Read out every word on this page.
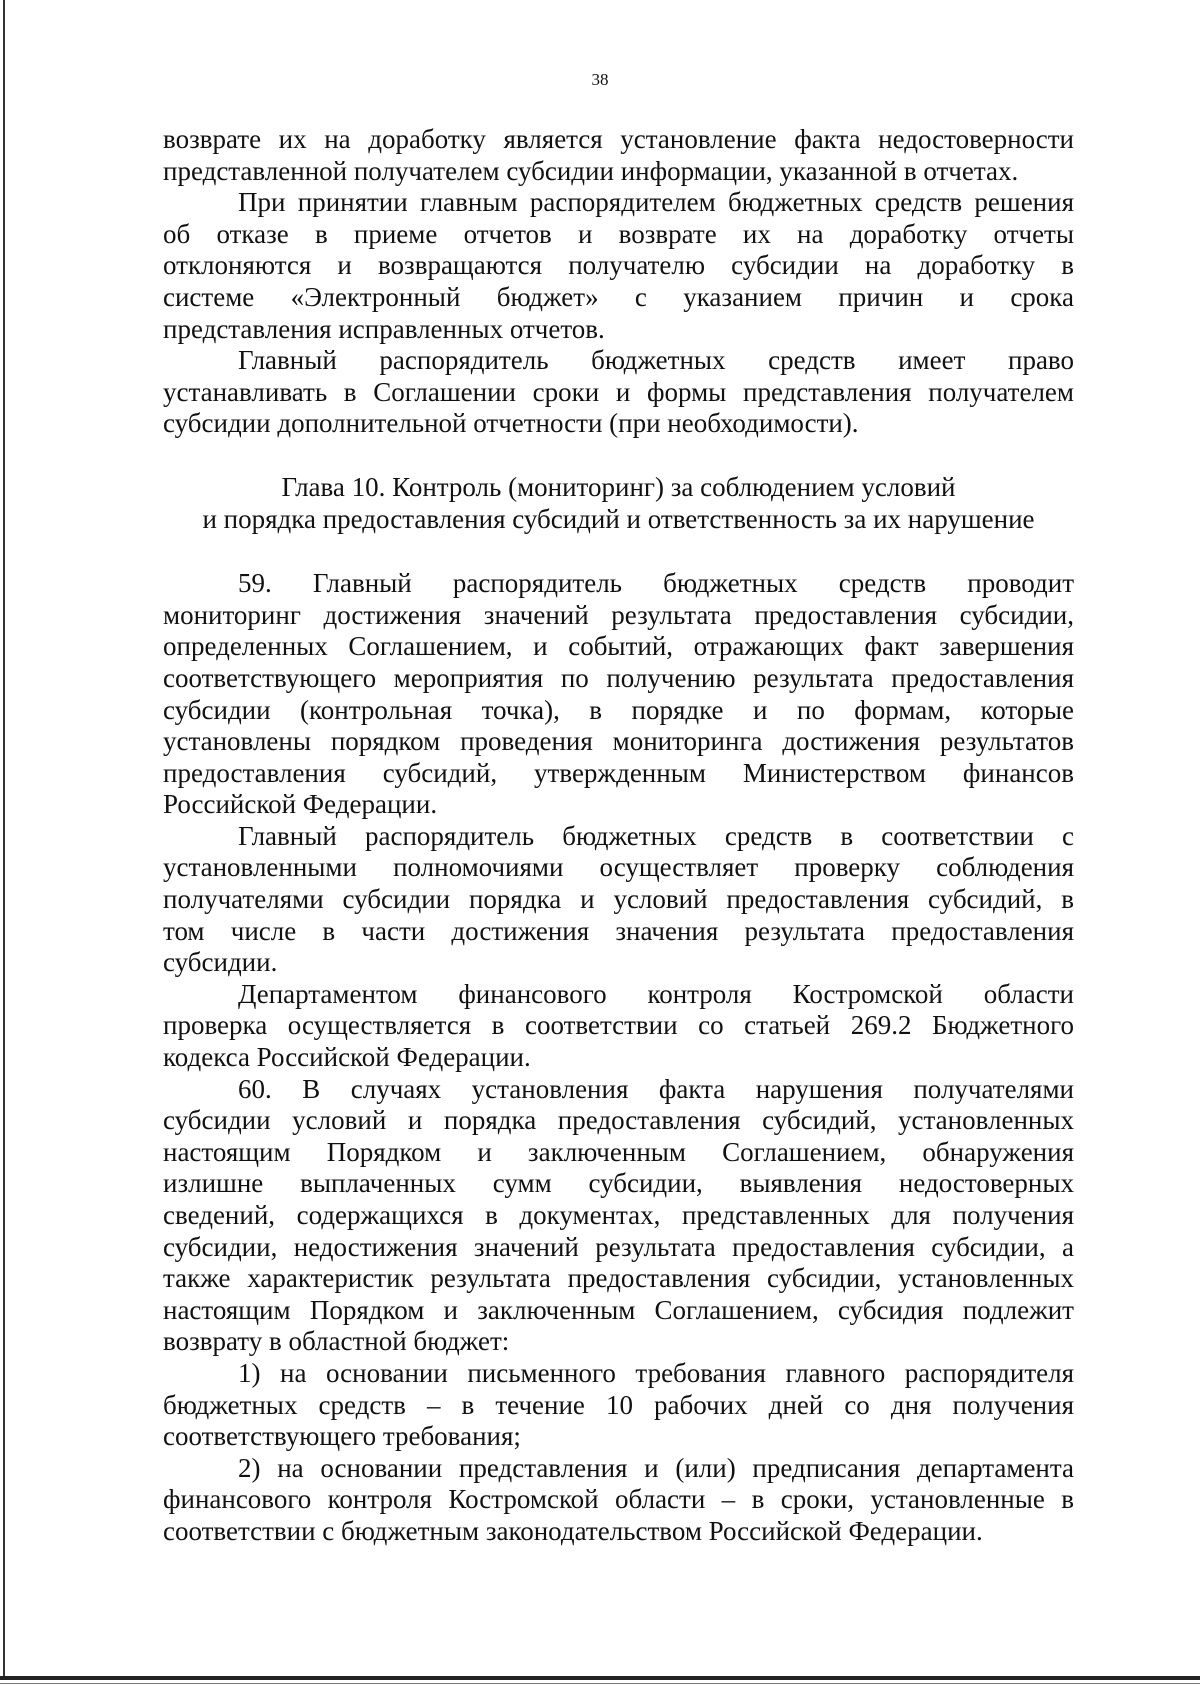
38

возврате их на доработку является установление факта недостоверности

представленной получателем субсидии информации, указанной в отчетах.

При принятии главным распорядителем бюджетных средств решения

об отказе в приеме отчетов и возврате их на доработку отчеты

отклоняются и возвращаются получателю субсидии на доработку в

системе «Электронный бюджет» с указанием причин и срока

представления исправленных отчетов.

Главный распорядитель бюджетных средств имеет право

устанавливать в Соглашении сроки и формы представления получателем

субсидии дополнительной отчетности (при необходимости).

Глава 10. Контроль (мониторинг) за соблюдением условий

и порядка предоставления субсидий и ответственность за их нарушение

59. Главный распорядитель бюджетных средств проводит

мониторинг достижения значений результата предоставления субсидии,

определенных Соглашением, и событий, отражающих факт завершения

соответствующего мероприятия по получению результата предоставления

субсидии (контрольная точка), в порядке и по формам, которые

установлены порядком проведения мониторинга достижения результатов

предоставления субсидий, утвержденным Министерством финансов

Российской Федерации.

Главный распорядитель бюджетных средств в соответствии с

установленными полномочиями осуществляет проверку соблюдения

получателями субсидии порядка и условий предоставления субсидий, в

том числе в части достижения значения результата предоставления

субсидии.

Департаментом финансового контроля Костромской области

проверка осуществляется в соответствии со статьей 269.2 Бюджетного

кодекса Российской Федерации.

60. В случаях установления факта нарушения получателями

субсидии условий и порядка предоставления субсидий, установленных

настоящим Порядком и заключенным Соглашением, обнаружения

излишне выплаченных сумм субсидии, выявления недостоверных

сведений, содержащихся в документах, представленных для получения

субсидии, недостижения значений результата предоставления субсидии, а

также характеристик результата предоставления субсидии, установленных

настоящим Порядком и заключенным Соглашением, субсидия подлежит

возврату в областной бюджет:

1) на основании письменного требования главного распорядителя

бюджетных средств – в течение 10 рабочих дней со дня получения

соответствующего требования;

2) на основании представления и (или) предписания департамента

финансового контроля Костромской области – в сроки, установленные в

соответствии с бюджетным законодательством Российской Федерации.
